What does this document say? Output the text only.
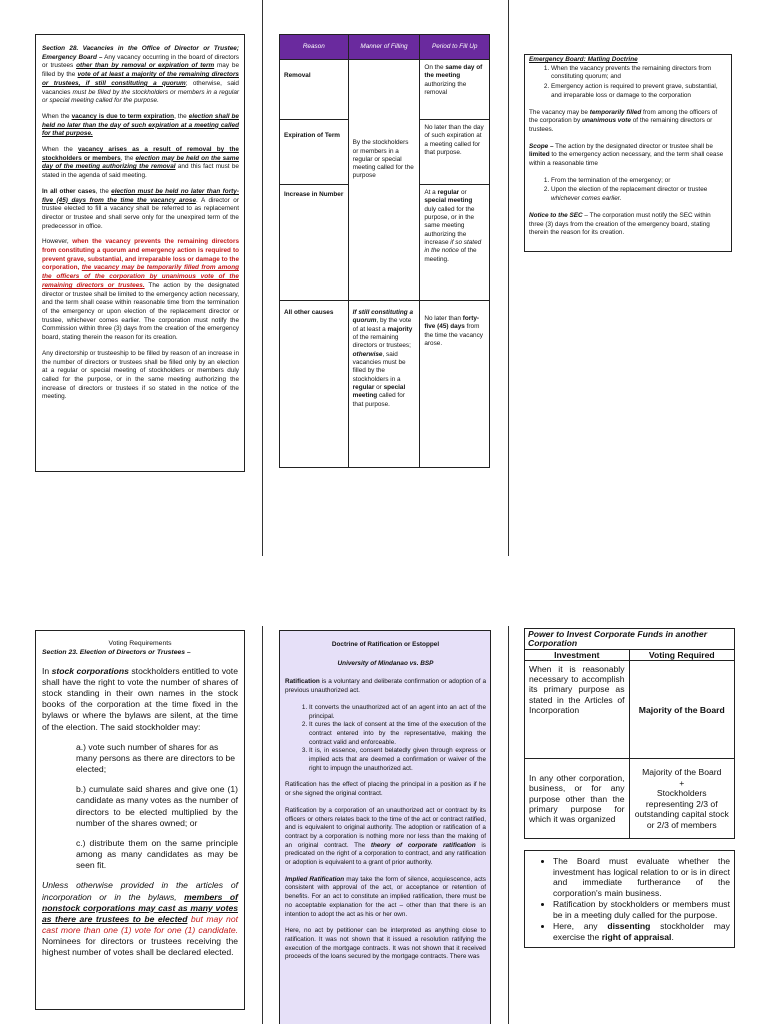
Section 28. Vacancies in the Office of Director or Trustee; Emergency Board – Any vacancy occurring in the board of directors or trustees other than by removal or expiration of term may be filled by the vote of at least a majority of the remaining directors or trustees, if still constituting a quorum; otherwise, said vacancies must be filled by the stockholders or members in a regular or special meeting called for the purpose.

When the vacancy is due to term expiration, the election shall be held no later than the day of such expiration at a meeting called for that purpose.

When the vacancy arises as a result of removal by the stockholders or members, the election may be held on the same day of the meeting authorizing the removal and this fact must be stated in the agenda of said meeting.

In all other cases, the election must be held no later than forty-five (45) days from the time the vacancy arose. A director or trustee elected to fill a vacancy shall be referred to as replacement director or trustee and shall serve only for the unexpired term of the predecessor in office.

However, when the vacancy prevents the remaining directors from constituting a quorum and emergency action is required to prevent grave, substantial, and irreparable loss or damage to the corporation, the vacancy may be temporarily filled from among the officers of the corporation by unanimous vote of the remaining directors or trustees. The action by the designated director or trustee shall be limited to the emergency action necessary, and the term shall cease within reasonable time from the termination of the emergency or upon election of the replacement director or trustee, whichever comes earlier. The corporation must notify the Commission within three (3) days from the creation of the emergency board, stating therein the reason for its creation.

Any directorship or trusteeship to be filled by reason of an increase in the number of directors or trustees shall be filled only by an election at a regular or special meeting of stockholders or members duly called for the purpose, or in the same meeting authorizing the increase of directors or trustees if so stated in the notice of the meeting.

Reason	Manner of Filling	Period to Fill Up
Removal	By the stockholders or members in a regular or special meeting called for the purpose	On the same day of the meeting authorizing the removal
Expiration of Term		No later than the day of such expiration at a meeting called for that purpose.
Increase in Number		At a regular or special meeting duly called for the purpose, or in the same meeting authorizing the increase if so stated in the notice of the meeting.
All other causes	If still constituting a quorum, by the vote of at least a majority of the remaining directors or trustees; otherwise, said vacancies must be filled by the stockholders in a regular or special meeting called for that purpose.	No later than forty-five (45) days from the time the vacancy arose.
Emergency Board: Matling Doctrine
1. When the vacancy prevents the remaining directors from constituting quorum; and
2. Emergency action is required to prevent grave, substantial, and irreparable loss or damage to the corporation

The vacancy may be temporarily filled from among the officers of the corporation by unanimous vote of the remaining directors or trustees.

Scope – The action by the designated director or trustee shall be limited to the emergency action necessary, and the term shall cease within a reasonable time

1. From the termination of the emergency; or
2. Upon the election of the replacement director or trustee whichever comes earlier.

Notice to the SEC – The corporation must notify the SEC within three (3) days from the creation of the emergency board, stating therein the reason for its creation.

Voting Requirements
Section 23. Election of Directors or Trustees –

In stock corporations stockholders entitled to vote shall have the right to vote the number of shares of stock standing in their own names in the stock books of the corporation at the time fixed in the bylaws or where the bylaws are silent, at the time of the election. The said stockholder may:

a.) vote such number of shares for as many persons as there are directors to be elected;

b.) cumulate said shares and give one (1) candidate as many votes as the number of directors to be elected multiplied by the number of the shares owned; or

c.) distribute them on the same principle among as many candidates as may be seen fit.

Unless otherwise provided in the articles of incorporation or in the bylaws, members of nonstock corporations may cast as many votes as there are trustees to be elected but may not cast more than one (1) vote for one (1) candidate. Nominees for directors or trustees receiving the highest number of votes shall be declared elected.

Doctrine of Ratification or Estoppel
University of Mindanao vs. BSP

Ratification is a voluntary and deliberate confirmation or adoption of a previous unauthorized act.

1. It converts the unauthorized act of an agent into an act of the principal.
2. It cures the lack of consent at the time of the execution of the contract entered into by the representative, making the contract valid and enforceable.
3. It is, in essence, consent belatedly given through express or implied acts that are deemed a confirmation or waiver of the right to impugn the unauthorized act.

Ratification has the effect of placing the principal in a position as if he or she signed the original contract.

Ratification by a corporation of an unauthorized act or contract by its officers or others relates back to the time of the act or contract ratified, and is equivalent to original authority. The adoption or ratification of a contract by a corporation is nothing more nor less than the making of an original contract. The theory of corporate ratification is predicated on the right of a corporation to contract, and any ratification or adoption is equivalent to a grant of prior authority.

Implied Ratification may take the form of silence, acquiescence, acts consistent with approval of the act, or acceptance or retention of benefits. For an act to constitute an implied ratification, there must be no acceptable explanation for the act – other than that there is an intention to adopt the act as his or her own.

Here, no act by petitioner can be interpreted as anything close to ratification. It was not shown that it issued a resolution ratifying the execution of the mortgage contracts. It was not shown that it received proceeds of the loans secured by the mortgage contracts. There was

Power to Invest Corporate Funds in another Corporation	
Investment	Voting Required
When it is reasonably necessary to accomplish its primary purpose as stated in the Articles of Incorporation	Majority of the Board
In any other corporation, business, or for any purpose other than the primary purpose for which it was organized	Majority of the Board
+
Stockholders representing 2/3 of outstanding capital stock or 2/3 of members
• The Board must evaluate whether the investment has logical relation to or is in direct and immediate furtherance of the corporation's main business.
• Ratification by stockholders or members must be in a meeting duly called for the purpose.
• Here, any dissenting stockholder may exercise the right of appraisal.
